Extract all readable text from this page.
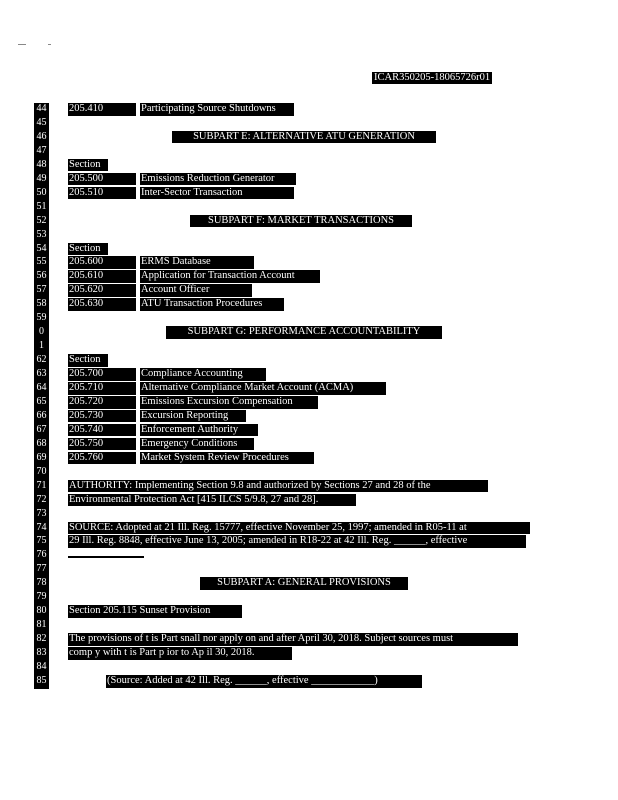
ICAR350205-18065726r01
44 205.410	Participating Source Shutdowns
45
46	SUBPART E: ALTERNATIVE ATU GENERATION
47
48 Section
49 205.500	Emissions Reduction Generator
50 205.510	Inter-Sector Transaction
51
52	SUBPART F: MARKET TRANSACTIONS
53
54 Section
55 205.600	ERMS Database
56 205.610	Application for Transaction Account
57 205.620	Account Officer
58 205.630	ATU Transaction Procedures
59
0	SUBPART G: PERFORMANCE ACCOUNTABILITY
1
62 Section
63 205.700	Compliance Accounting
64 205.710	Alternative Compliance Market Account (ACMA)
65 205.720	Emissions Excursion Compensation
66 205.730	Excursion Reporting
67 205.740	Enforcement Authority
68 205.750	Emergency Conditions
69 205.760	Market System Review Procedures
70
71 AUTHORITY: Implementing Section 9.8 and authorized by Sections 27 and 28 of the
72 Environmental Protection Act [415 ILCS 5/9.8, 27 and 28].
73
74 SOURCE: Adopted at 21 Ill. Reg. 15777, effective November 25, 1997; amended in R05-11 at
75 29 Ill. Reg. 8848, effective June 13, 2005; amended in R18-22 at 42 Ill. Reg. ______, effective
76
77
78	SUBPART A: GENERAL PROVISIONS
79
80 Section 205.115 Sunset Provision
81
82 The provisions of t is Part snall nor apply on and after April 30, 2018. Subject sources must
83 comp y with t is Part p ior to Ap il 30, 2018.
84
85	(Source: Added at 42 Ill. Reg. ______, effective ____________)
